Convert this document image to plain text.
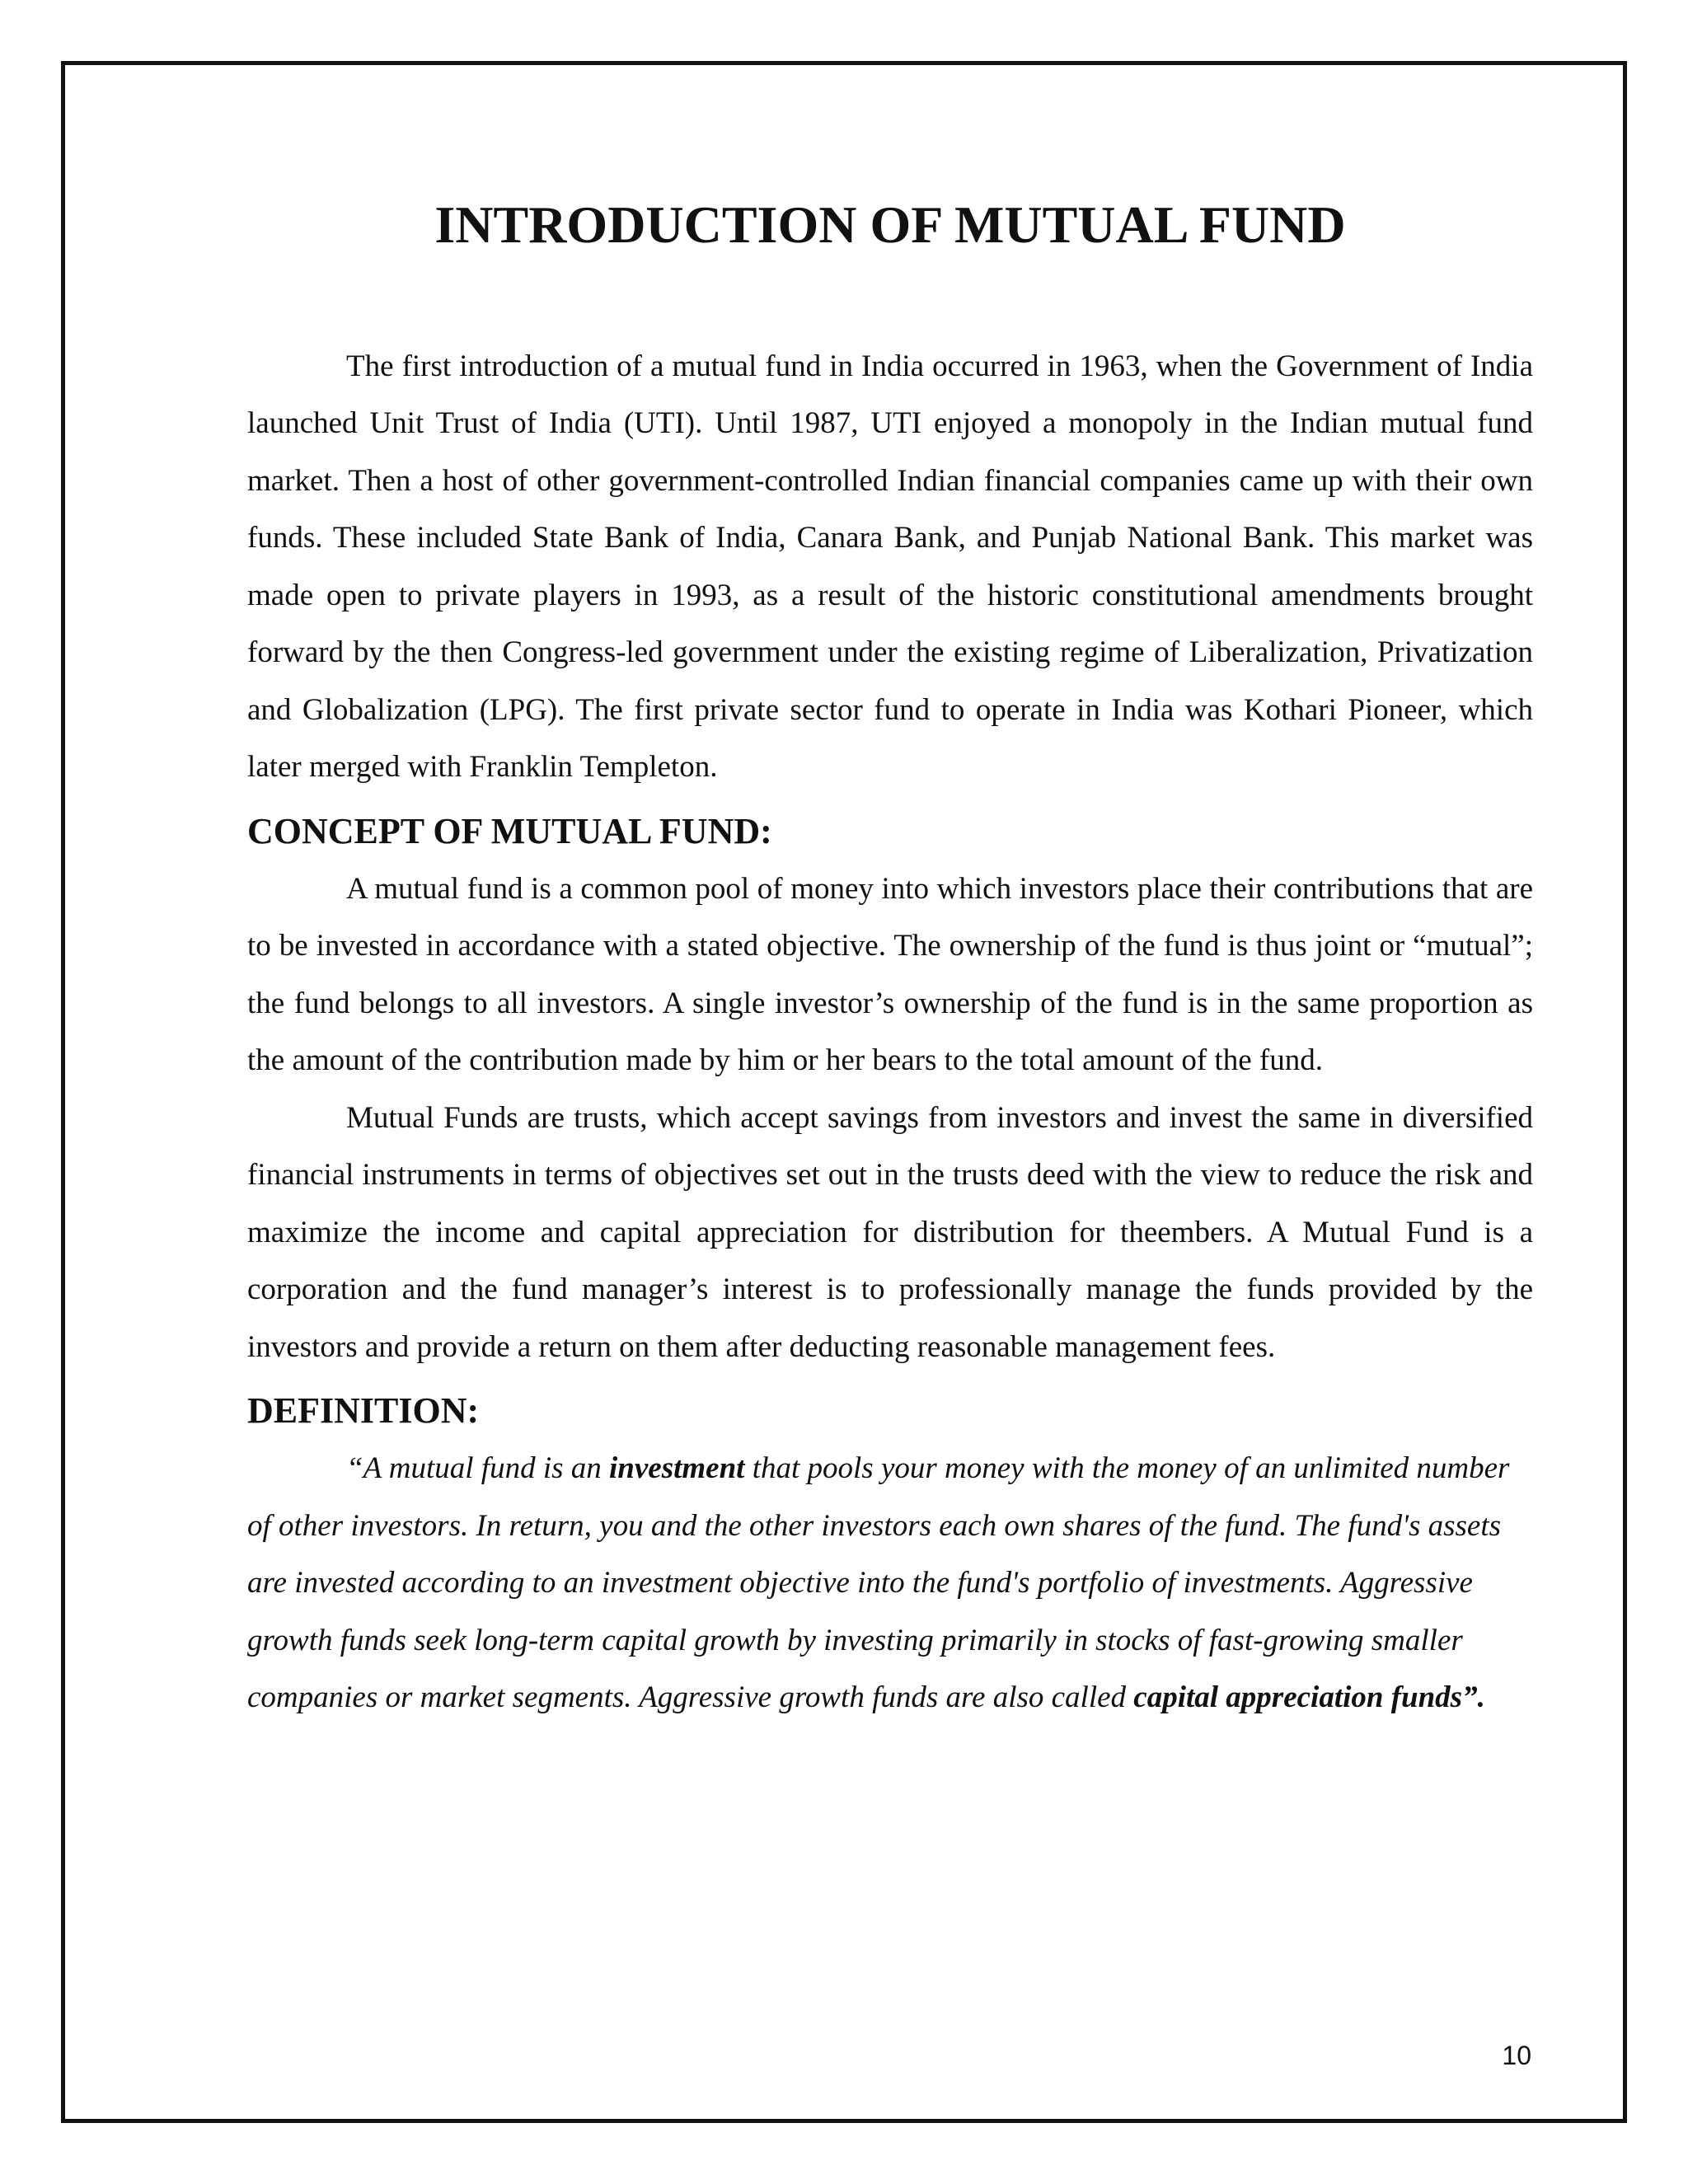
INTRODUCTION OF MUTUAL FUND

The first introduction of a mutual fund in India occurred in 1963, when the Government of India launched Unit Trust of India (UTI). Until 1987, UTI enjoyed a monopoly in the Indian mutual fund market. Then a host of other government-controlled Indian financial companies came up with their own funds. These included State Bank of India, Canara Bank, and Punjab National Bank. This market was made open to private players in 1993, as a result of the historic constitutional amendments brought forward by the then Congress-led government under the existing regime of Liberalization, Privatization and Globalization (LPG). The first private sector fund to operate in India was Kothari Pioneer, which later merged with Franklin Templeton.

CONCEPT OF MUTUAL FUND:

A mutual fund is a common pool of money into which investors place their contributions that are to be invested in accordance with a stated objective. The ownership of the fund is thus joint or “mutual”; the fund belongs to all investors. A single investor’s ownership of the fund is in the same proportion as the amount of the contribution made by him or her bears to the total amount of the fund.

Mutual Funds are trusts, which accept savings from investors and invest the same in diversified financial instruments in terms of objectives set out in the trusts deed with the view to reduce the risk and maximize the income and capital appreciation for distribution for theembers. A Mutual Fund is a corporation and the fund manager’s interest is to professionally manage the funds provided by the investors and provide a return on them after deducting reasonable management fees.

DEFINITION:

“A mutual fund is an investment that pools your money with the money of an unlimited number of other investors. In return, you and the other investors each own shares of the fund. The fund's assets are invested according to an investment objective into the fund's portfolio of investments. Aggressive growth funds seek long-term capital growth by investing primarily in stocks of fast-growing smaller companies or market segments. Aggressive growth funds are also called capital appreciation funds”.

10
